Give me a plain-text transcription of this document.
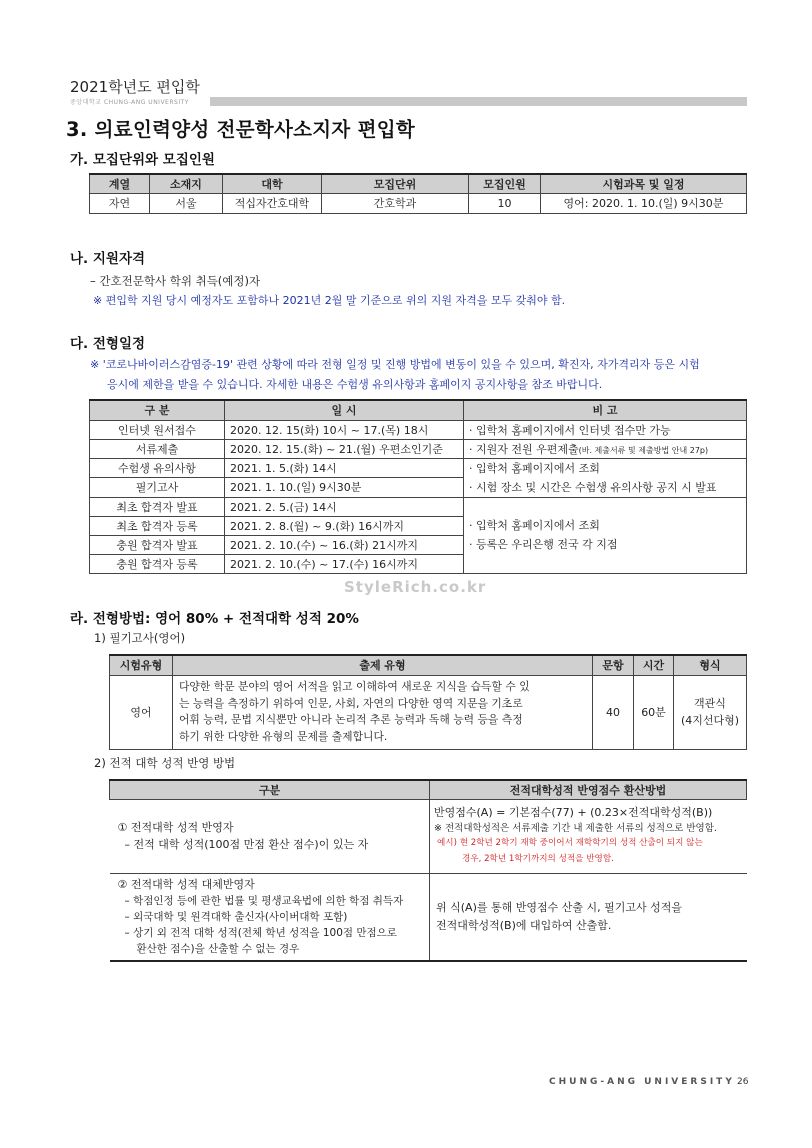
2021학년도 편입학
중앙대학교 CHUNG-ANG UNIVERSITY
3. 의료인력양성 전문학사소지자 편입학
가. 모집단위와 모집인원
계열	소재지	대학	모집단위	모집인원	시험과목 및 일정
자연	서울	적십자간호대학	간호학과	10	영어: 2020. 1. 10.(일) 9시30분
나. 지원자격
– 간호전문학사 학위 취득(예정)자
※ 편입학 지원 당시 예정자도 포함하나 2021년 2월 말 기준으로 위의 지원 자격을 모두 갖춰야 함.
다. 전형일정
※ '코로나바이러스감염증-19' 관련 상황에 따라 전형 일정 및 진행 방법에 변동이 있을 수 있으며, 확진자, 자가격리자 등은 시험
응시에 제한을 받을 수 있습니다. 자세한 내용은 수험생 유의사항과 홈페이지 공지사항을 참조 바랍니다.
구 분	일 시	비 고
인터넷 원서접수	2020. 12. 15(화) 10시 ~ 17.(목) 18시	· 입학처 홈페이지에서 인터넷 접수만 가능
서류제출	2020. 12. 15.(화) ~ 21.(월) 우편소인기준	· 지원자 전원 우편제출(바. 제출서류 및 제출방법 안내 27p)
수험생 유의사항	2021. 1. 5.(화) 14시	· 입학처 홈페이지에서 조회
· 시험 장소 및 시간은 수험생 유의사항 공지 시 발표

필기고사	2021. 1. 10.(일) 9시30분	
최초 합격자 발표	2021. 2. 5.(금) 14시	· 입학처 홈페이지에서 조회
· 등록은 우리은행 전국 각 지점

최초 합격자 등록	2021. 2. 8.(월) ~ 9.(화) 16시까지	
충원 합격자 발표	2021. 2. 10.(수) ~ 16.(화) 21시까지	
충원 합격자 등록	2021. 2. 10.(수) ~ 17.(수) 16시까지	
StyleRich.co.kr
라. 전형방법: 영어 80% + 전적대학 성적 20%
1) 필기고사(영어)
시험유형	출제 유형	문항	시간	형식
영어	다양한 학문 분야의 영어 서적을 읽고 이해하여 새로운 지식을 습득할 수 있
는 능력을 측정하기 위하여 인문, 사회, 자연의 다양한 영역 지문을 기초로
어휘 능력, 문법 지식뿐만 아니라 논리적 추론 능력과 독해 능력 등을 측정
하기 위한 다양한 유형의 문제를 출제합니다.	40	60분	객관식
(4지선다형)
2) 전적 대학 성적 반영 방법
구분	전적대학성적 반영점수 환산방법

① 전적대학 성적 반영자
– 전적 대학 성적(100점 만점 환산 점수)이 있는 자	반영점수(A) = 기본점수(77) + (0.23×전적대학성적(B))
※ 전적대학성적은 서류제출 기간 내 제출한 서류의 성적으로 반영함.
예시) 현 2학년 2학기 재학 중이어서 재학학기의 성적 산출이 되지 않는
경우, 2학년 1학기까지의 성적을 반영함.

② 전적대학 성적 대체반영자
– 학점인정 등에 관한 법률 및 평생교육법에 의한 학점 취득자
– 외국대학 및 원격대학 출신자(사이버대학 포함)
– 상기 외 전적 대학 성적(전체 학년 성적을 100점 만점으로
환산한 점수)을 산출할 수 없는 경우	위 식(A)를 통해 반영점수 산출 시, 필기고사 성적을
전적대학성적(B)에 대입하여 산출함.
CHUNG-ANG UNIVERSITY 26
